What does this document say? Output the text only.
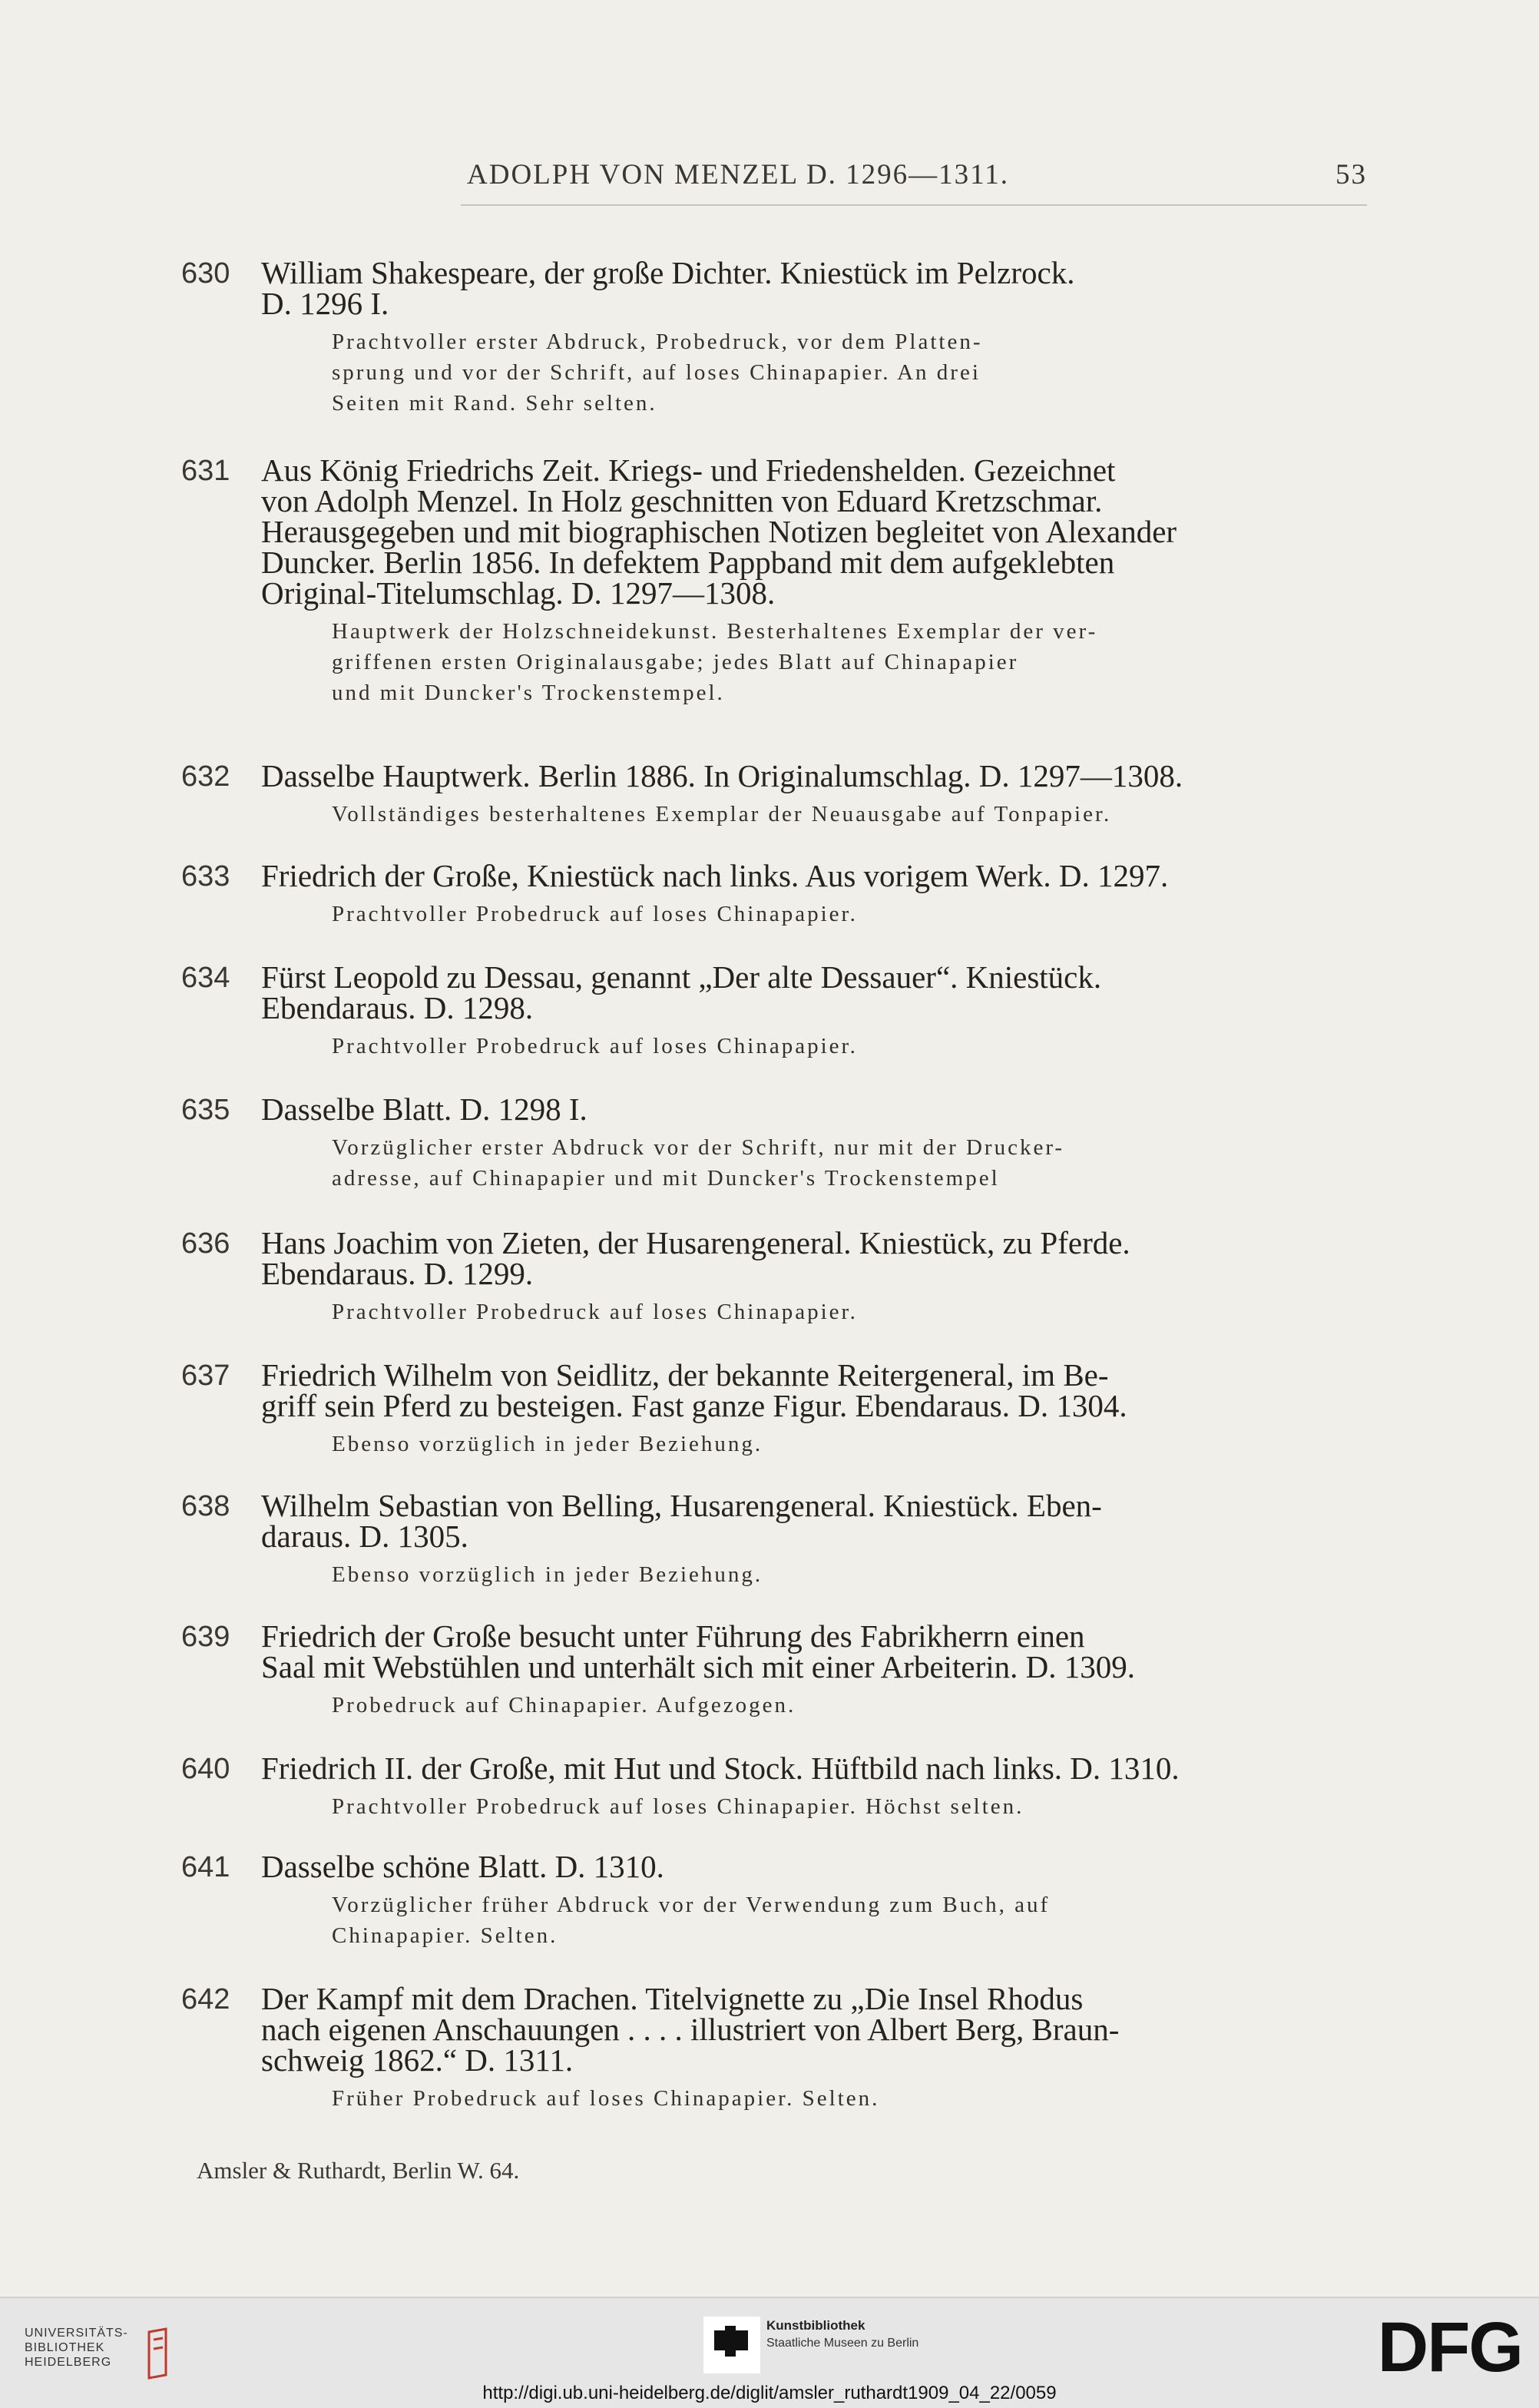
ADOLPH VON MENZEL D. 1296—1311.	53
630 William Shakespeare, der große Dichter. Kniestück im Pelzrock.
D. 1296 I.
Prachtvoller erster Abdruck, Probedruck, vor dem Platten-
sprung und vor der Schrift, auf loses Chinapapier. An drei
Seiten mit Rand. Sehr selten.
631 Aus König Friedrichs Zeit. Kriegs- und Friedenshelden. Gezeichnet
von Adolph Menzel. In Holz geschnitten von Eduard Kretzschmar.
Herausgegeben und mit biographischen Notizen begleitet von Alexander
Duncker. Berlin 1856. In defektem Pappband mit dem aufgeklebten
Original-Titelumschlag. D. 1297—1308.
Hauptwerk der Holzschneidekunst. Besterhaltenes Exemplar der ver-
griffenen ersten Originalausgabe; jedes Blatt auf Chinapapier
und mit Duncker's Trockenstempel.
632 Dasselbe Hauptwerk. Berlin 1886. In Originalumschlag. D. 1297—1308.
Vollständiges besterhaltenes Exemplar der Neuausgabe auf Tonpapier.
633 Friedrich der Große, Kniestück nach links. Aus vorigem Werk. D. 1297.
Prachtvoller Probedruck auf loses Chinapapier.
634 Fürst Leopold zu Dessau, genannt „Der alte Dessauer“. Kniestück.
Ebendaraus. D. 1298.
Prachtvoller Probedruck auf loses Chinapapier.
635 Dasselbe Blatt. D. 1298 I.
Vorzüglicher erster Abdruck vor der Schrift, nur mit der Drucker-
adresse, auf Chinapapier und mit Duncker's Trockenstempel
636 Hans Joachim von Zieten, der Husarengeneral. Kniestück, zu Pferde.
Ebendaraus. D. 1299.
Prachtvoller Probedruck auf loses Chinapapier.
637 Friedrich Wilhelm von Seidlitz, der bekannte Reitergeneral, im Be-
griff sein Pferd zu besteigen. Fast ganze Figur. Ebendaraus. D. 1304.
Ebenso vorzüglich in jeder Beziehung.
638 Wilhelm Sebastian von Belling, Husarengeneral. Kniestück. Eben-
daraus. D. 1305.
Ebenso vorzüglich in jeder Beziehung.
639 Friedrich der Große besucht unter Führung des Fabrikherrn einen
Saal mit Webstühlen und unterhält sich mit einer Arbeiterin. D. 1309.
Probedruck auf Chinapapier. Aufgezogen.
640 Friedrich II. der Große, mit Hut und Stock. Hüftbild nach links. D. 1310.
Prachtvoller Probedruck auf loses Chinapapier. Höchst selten.
641 Dasselbe schöne Blatt. D. 1310.
Vorzüglicher früher Abdruck vor der Verwendung zum Buch, auf
Chinapapier. Selten.
642 Der Kampf mit dem Drachen. Titelvignette zu „Die Insel Rhodus
nach eigenen Anschauungen . . . . illustriert von Albert Berg, Braun-
schweig 1862.“ D. 1311.
Früher Probedruck auf loses Chinapapier. Selten.
Amsler & Ruthardt, Berlin W. 64.
UNIVERSITÄTS-
BIBLIOTHEK
HEIDELBERG
Kunstbibliothek
Staatliche Museen zu Berlin	DFG
http://digi.ub.uni-heidelberg.de/diglit/amsler_ruthardt1909_04_22/0059
